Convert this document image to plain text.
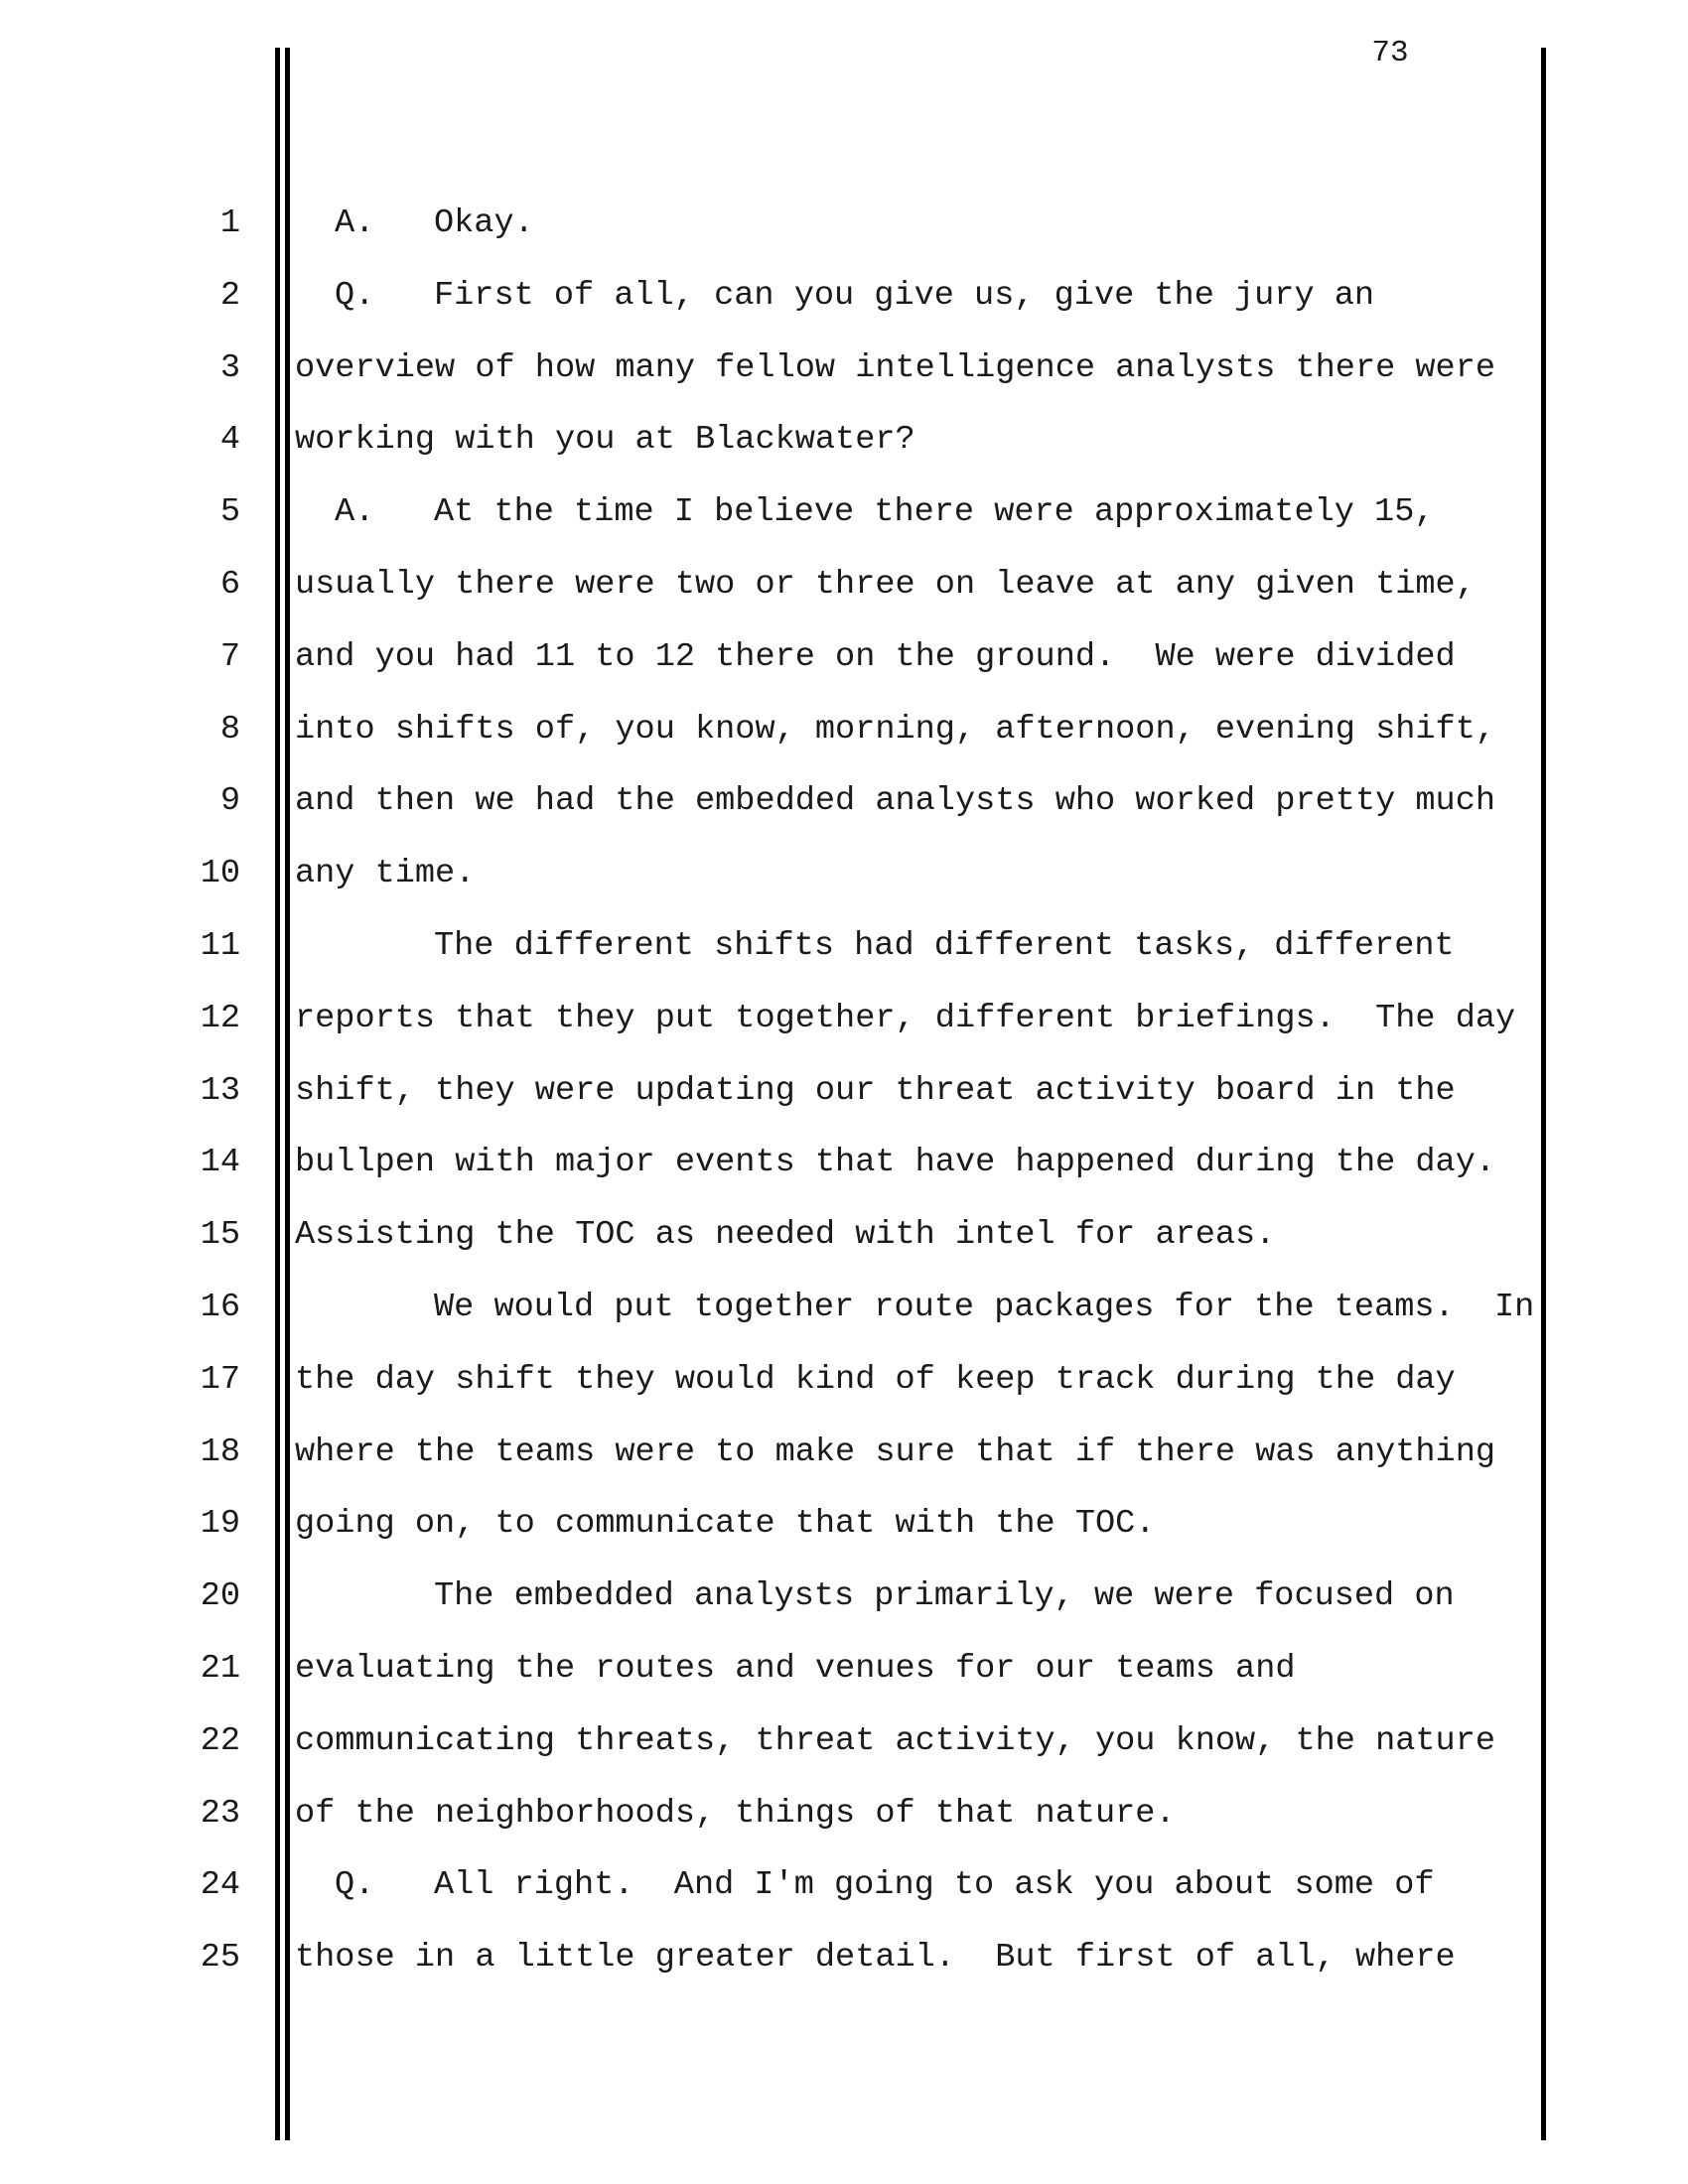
73
1	A. Okay.
2	Q. First of all, can you give us, give the jury an
3 overview of how many fellow intelligence analysts there were
4 working with you at Blackwater?
5	A. At the time I believe there were approximately 15,
6 usually there were two or three on leave at any given time,
7 and you had 11 to 12 there on the ground.  We were divided
8 into shifts of, you know, morning, afternoon, evening shift,
9 and then we had the embedded analysts who worked pretty much
10 any time.
11	The different shifts had different tasks, different
12 reports that they put together, different briefings.  The day
13 shift, they were updating our threat activity board in the
14 bullpen with major events that have happened during the day.
15 Assisting the TOC as needed with intel for areas.
16	We would put together route packages for the teams.  In
17 the day shift they would kind of keep track during the day
18 where the teams were to make sure that if there was anything
19 going on, to communicate that with the TOC.
20	The embedded analysts primarily, we were focused on
21 evaluating the routes and venues for our teams and
22 communicating threats, threat activity, you know, the nature
23 of the neighborhoods, things of that nature.
24	Q. All right.  And I'm going to ask you about some of
25 those in a little greater detail.  But first of all, where
